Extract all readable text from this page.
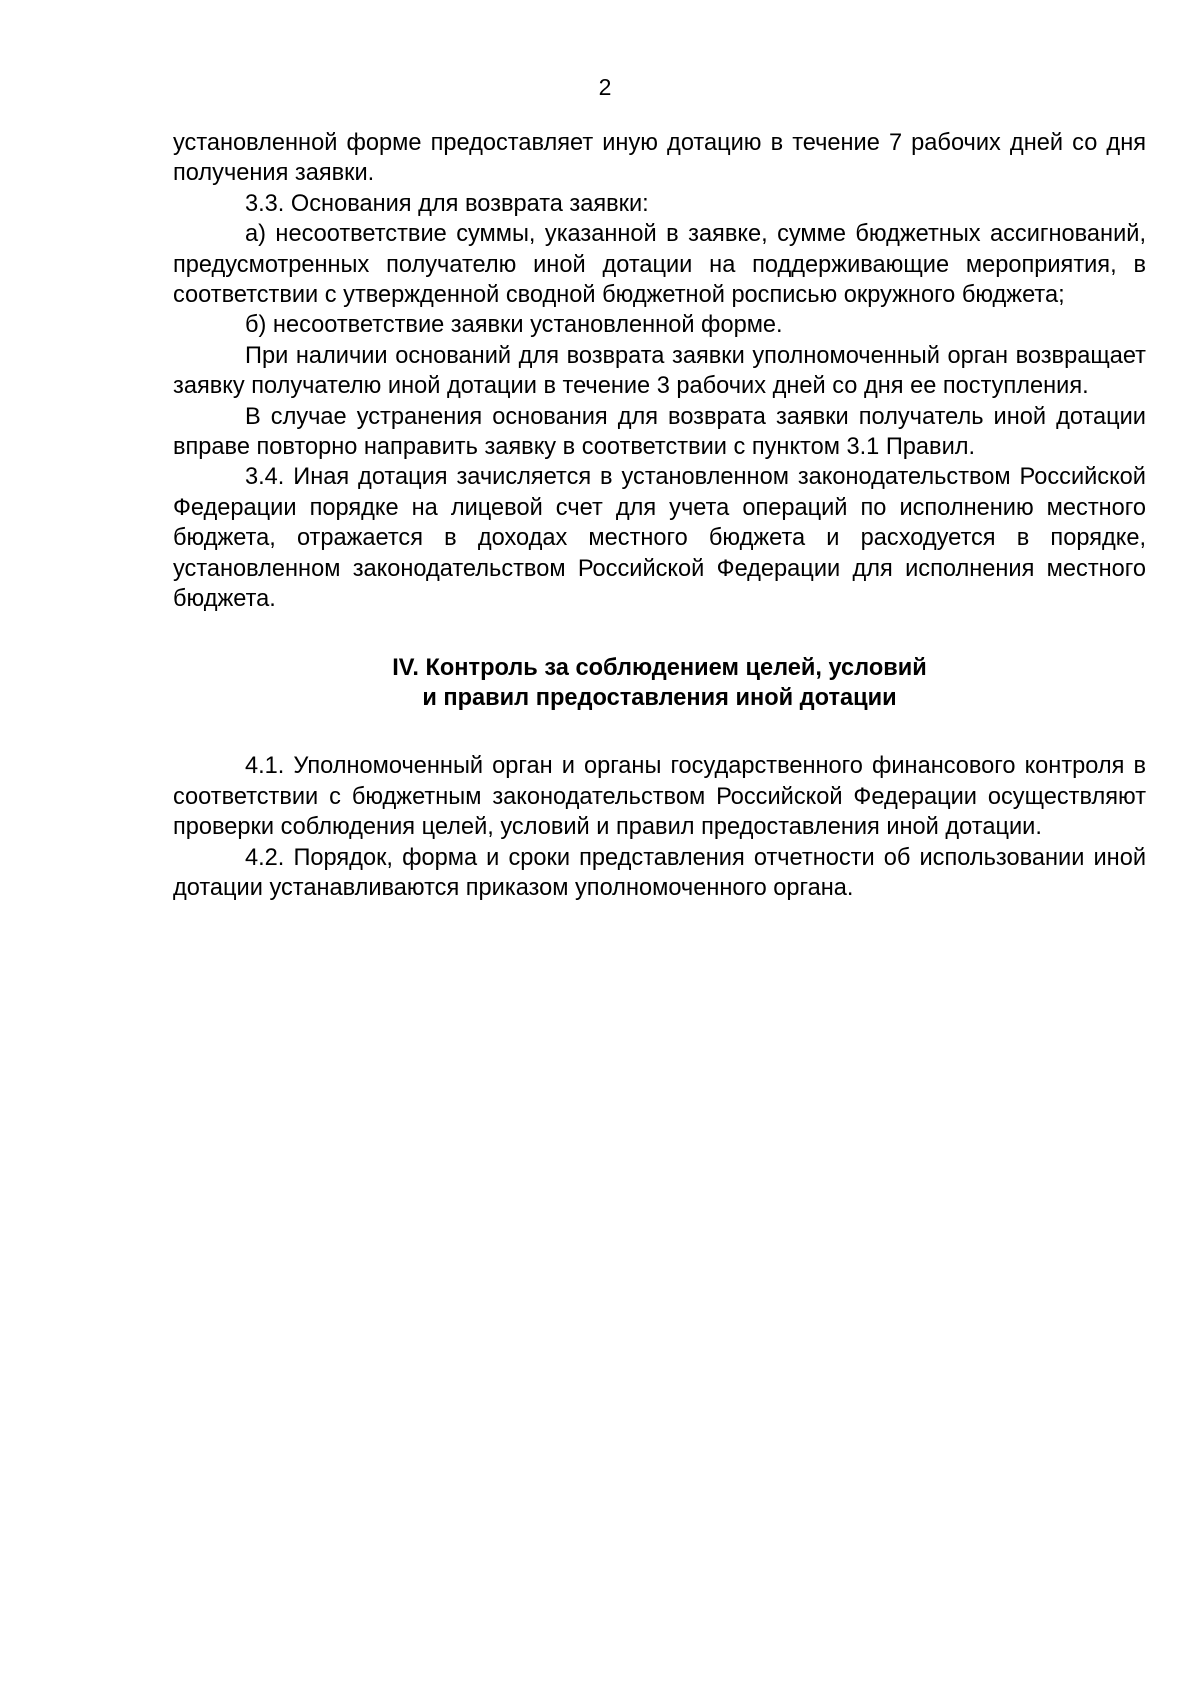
2

установленной форме предоставляет иную дотацию в течение 7 рабочих дней со дня получения заявки.

3.3. Основания для возврата заявки:

а) несоответствие суммы, указанной в заявке, сумме бюджетных ассигнований, предусмотренных получателю иной дотации на поддерживающие мероприятия, в соответствии с утвержденной сводной бюджетной росписью окружного бюджета;

б) несоответствие заявки установленной форме.

При наличии оснований для возврата заявки уполномоченный орган возвращает заявку получателю иной дотации в течение 3 рабочих дней со дня ее поступления.

В случае устранения основания для возврата заявки получатель иной дотации вправе повторно направить заявку в соответствии с пунктом 3.1 Правил.

3.4. Иная дотация зачисляется в установленном законодательством Российской Федерации порядке на лицевой счет для учета операций по исполнению местного бюджета, отражается в доходах местного бюджета и расходуется в порядке, установленном законодательством Российской Федерации для исполнения местного бюджета.

IV. Контроль за соблюдением целей, условий
и правил предоставления иной дотации

4.1. Уполномоченный орган и органы государственного финансового контроля в соответствии с бюджетным законодательством Российской Федерации осуществляют проверки соблюдения целей, условий и правил предоставления иной дотации.

4.2. Порядок, форма и сроки представления отчетности об использовании иной дотации устанавливаются приказом уполномоченного органа.
